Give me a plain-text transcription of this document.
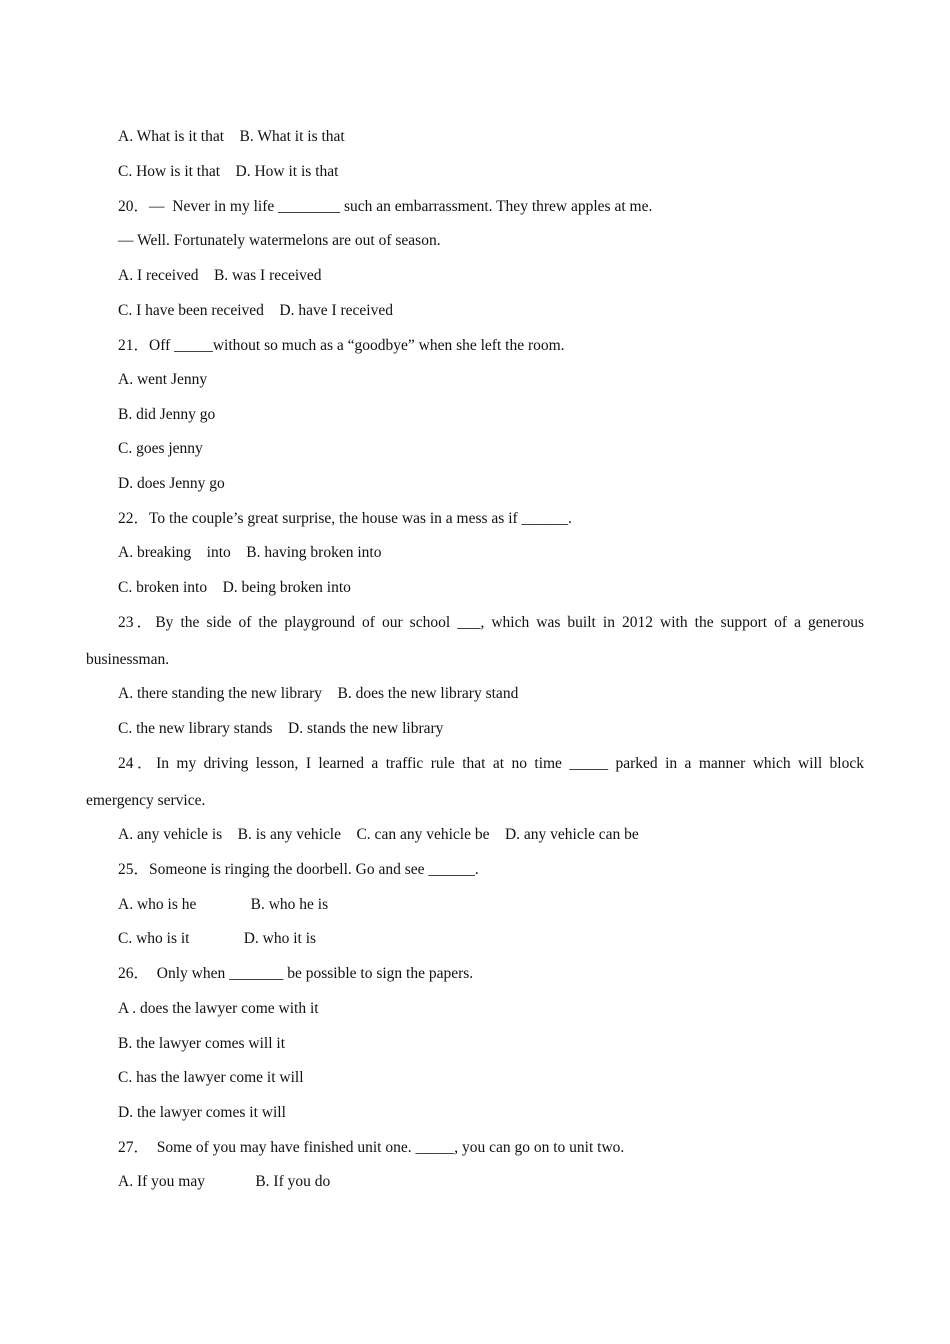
A. What is it that    B. What it is that
C. How is it that    D. How it is that
20．—  Never in my life ________ such an embarrassment. They threw apples at me.
— Well. Fortunately watermelons are out of season.
A. I received    B. was I received
C. I have been received    D. have I received
21．Off _____without so much as a “goodbye” when she left the room.
A. went Jenny
B. did Jenny go
C. goes jenny
D. does Jenny go
22．To the couple’s great surprise, the house was in a mess as if ______.
A. breaking    into    B. having broken into
C. broken into    D. being broken into
23．By the side of the playground of our school ___, which was built in 2012 with the support of a generous
businessman.
A. there standing the new library    B. does the new library stand
C. the new library stands    D. stands the new library
24．In my driving lesson, I learned a traffic rule that at no time _____ parked in a manner which will block
emergency service.
A. any vehicle is    B. is any vehicle    C. can any vehicle be    D. any vehicle can be
25．Someone is ringing the doorbell. Go and see ______.
A. who is he              B. who he is
C. who is it              D. who it is
26．  Only when _______ be possible to sign the papers.
A . does the lawyer come with it
B. the lawyer comes will it
C. has the lawyer come it will
D. the lawyer comes it will
27．  Some of you may have finished unit one. _____, you can go on to unit two.
A. If you may             B. If you do
